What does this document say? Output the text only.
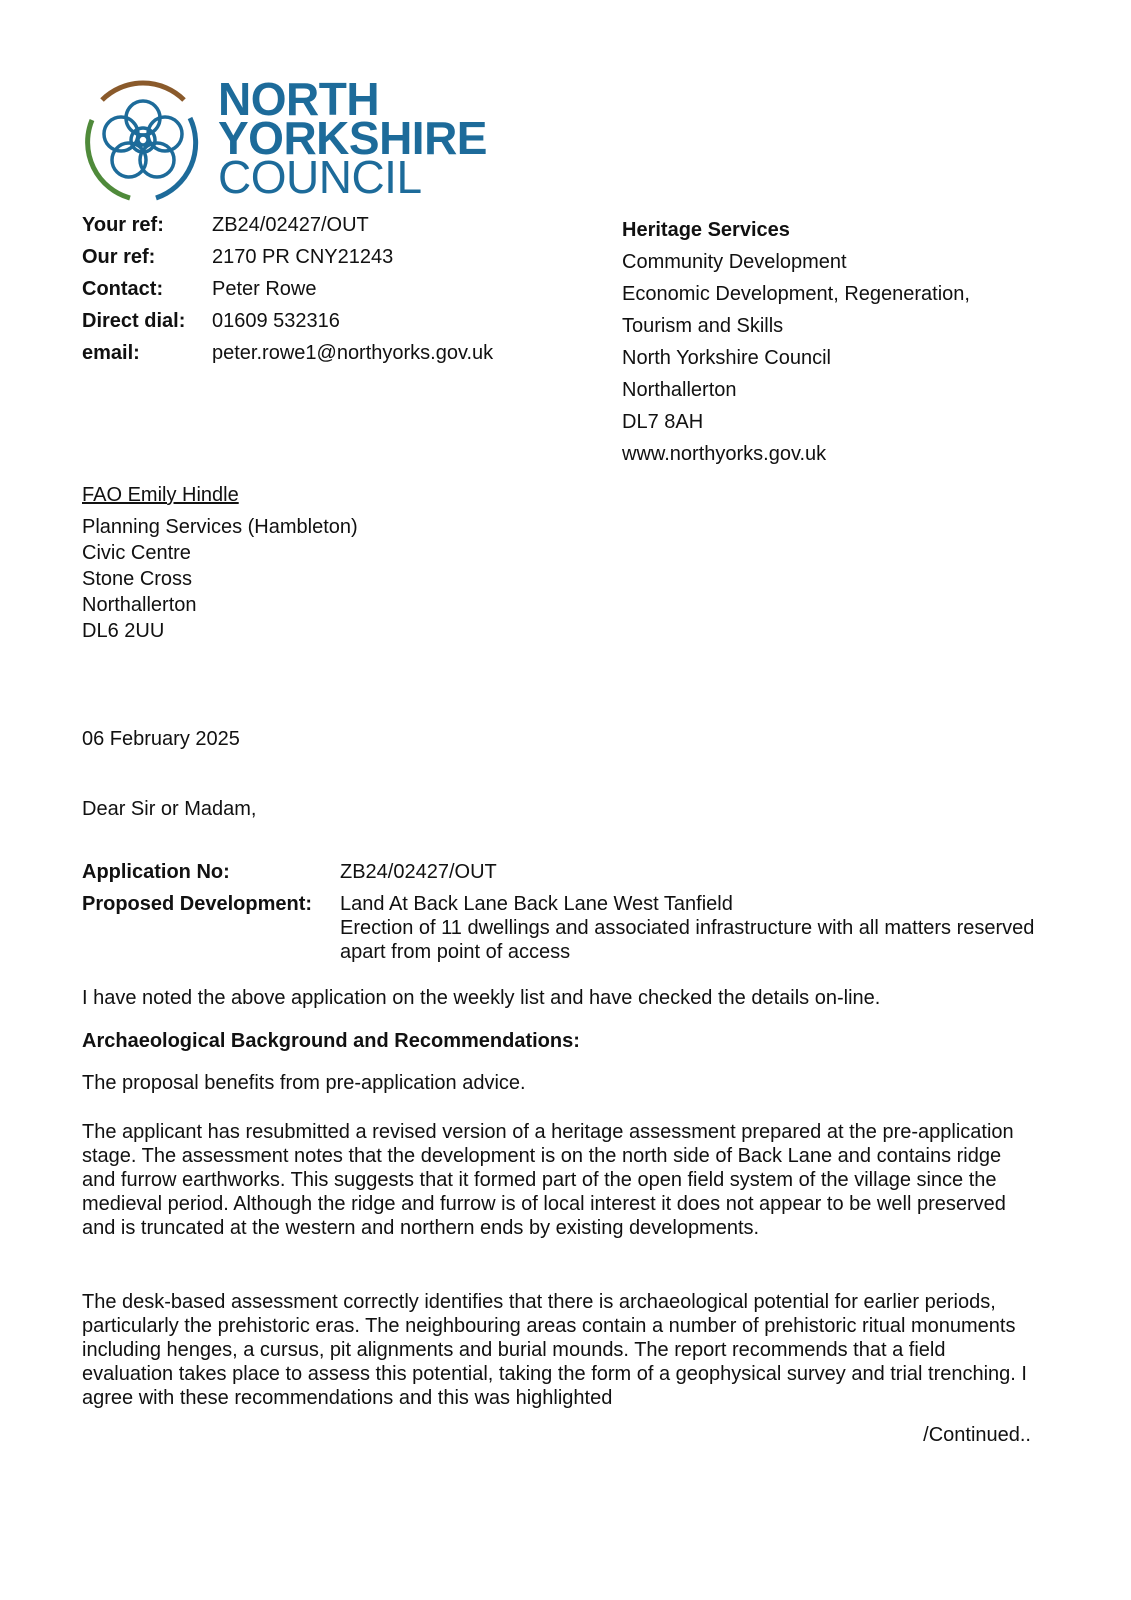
NORTH
YORKSHIRE
COUNCIL
Your ref:	ZB24/02427/OUT
Our ref:	2170 PR CNY21243
Contact:	Peter Rowe
Direct dial:	01609 532316
email:	peter.rowe1@northyorks.gov.uk
Heritage Services
Community Development
Economic Development, Regeneration,
Tourism and Skills
North Yorkshire Council
Northallerton
DL7 8AH
www.northyorks.gov.uk
FAO Emily Hindle
Planning Services (Hambleton)
Civic Centre
Stone Cross
Northallerton
DL6 2UU
06 February 2025
Dear Sir or Madam,
Application No:	ZB24/02427/OUT
Proposed Development:	Land At Back Lane Back Lane West Tanfield
Erection of 11 dwellings and associated infrastructure with all matters reserved apart from point of access
I have noted the above application on the weekly list and have checked the details on-line.
Archaeological Background and Recommendations:
The proposal benefits from pre-application advice.
The applicant has resubmitted a revised version of a heritage assessment prepared at the pre-application stage. The assessment notes that the development is on the north side of Back Lane and contains ridge and furrow earthworks. This suggests that it formed part of the open field system of the village since the medieval period. Although the ridge and furrow is of local interest it does not appear to be well preserved and is truncated at the western and northern ends by existing developments.
The desk-based assessment correctly identifies that there is archaeological potential for earlier periods, particularly the prehistoric eras. The neighbouring areas contain a number of prehistoric ritual monuments including henges, a cursus, pit alignments and burial mounds. The report recommends that a field evaluation takes place to assess this potential, taking the form of a geophysical survey and trial trenching. I agree with these recommendations and this was highlighted
/Continued..
